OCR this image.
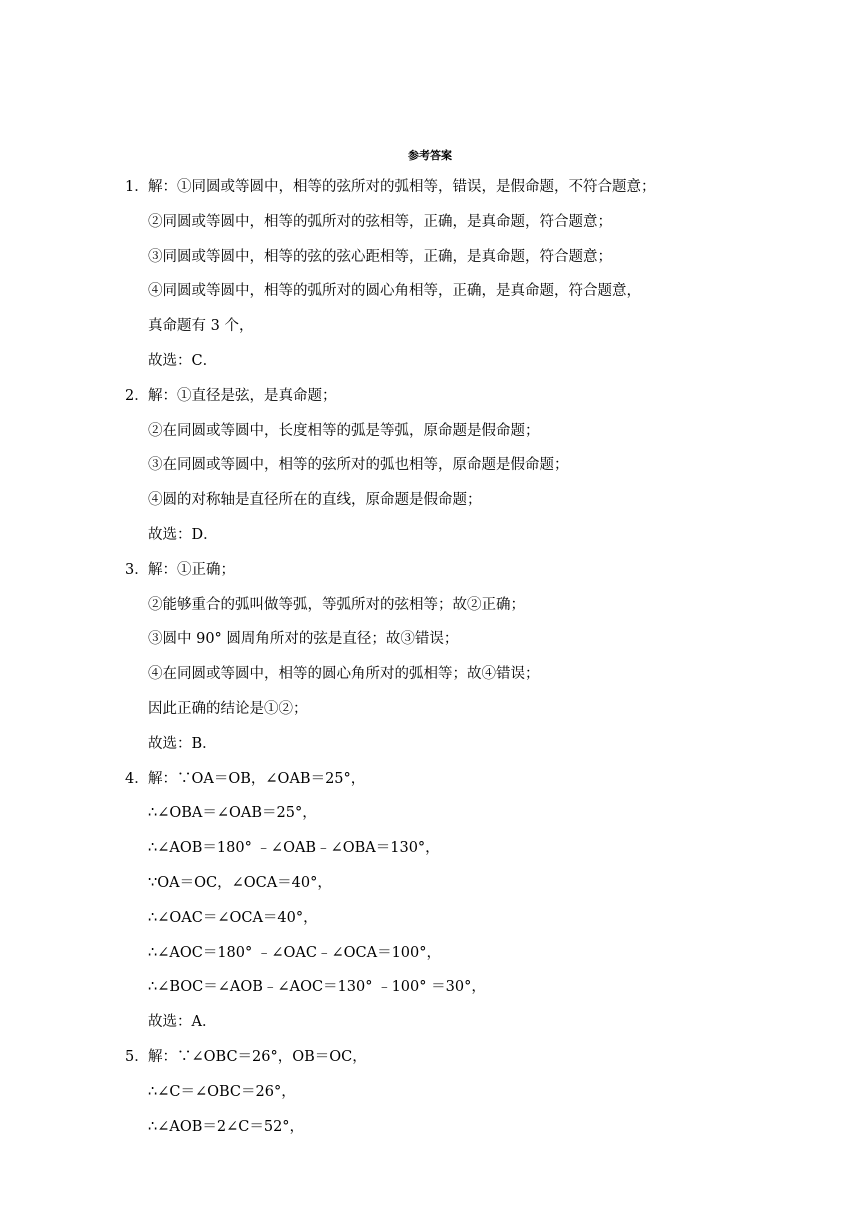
参考答案
1．解：①同圆或等圆中，相等的弦所对的弧相等，错误，是假命题，不符合题意；
②同圆或等圆中，相等的弧所对的弦相等，正确，是真命题，符合题意；
③同圆或等圆中，相等的弦的弦心距相等，正确，是真命题，符合题意；
④同圆或等圆中，相等的弧所对的圆心角相等，正确，是真命题，符合题意，
真命题有 3 个，
故选：C．
2．解：①直径是弦，是真命题；
②在同圆或等圆中，长度相等的弧是等弧，原命题是假命题；
③在同圆或等圆中，相等的弦所对的弧也相等，原命题是假命题；
④圆的对称轴是直径所在的直线，原命题是假命题；
故选：D．
3．解：①正确；
②能够重合的弧叫做等弧，等弧所对的弦相等；故②正确；
③圆中 90° 圆周角所对的弦是直径；故③错误；
④在同圆或等圆中，相等的圆心角所对的弧相等；故④错误；
因此正确的结论是①②；
故选：B．
4．解：∵OA＝OB，∠OAB＝25°，
∴∠OBA＝∠OAB＝25°，
∴∠AOB＝180° ﹣∠OAB﹣∠OBA＝130°，
∵OA＝OC，∠OCA＝40°，
∴∠OAC＝∠OCA＝40°，
∴∠AOC＝180° ﹣∠OAC﹣∠OCA＝100°，
∴∠BOC＝∠AOB﹣∠AOC＝130° ﹣100° ＝30°，
故选：A．
5．解：∵∠OBC＝26°，OB＝OC，
∴∠C＝∠OBC＝26°，
∴∠AOB＝2∠C＝52°，
